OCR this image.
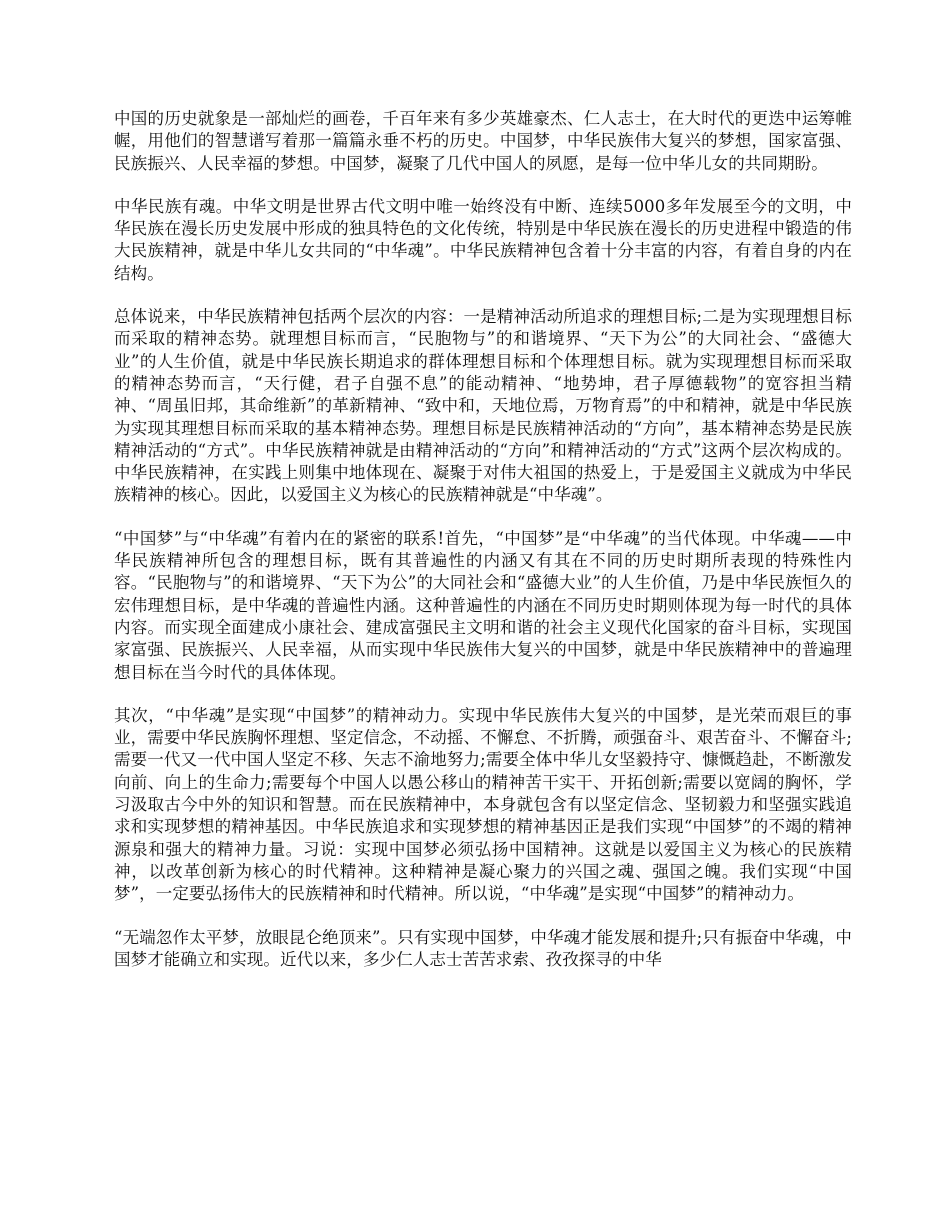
中国的历史就象是一部灿烂的画卷，千百年来有多少英雄豪杰、仁人志士，在大时代的更迭中运筹帷幄，用他们的智慧谱写着那一篇篇永垂不朽的历史。中国梦，中华民族伟大复兴的梦想，国家富强、民族振兴、人民幸福的梦想。中国梦，凝聚了几代中国人的夙愿，是每一位中华儿女的共同期盼。

中华民族有魂。中华文明是世界古代文明中唯一始终没有中断、连续5000多年发展至今的文明，中华民族在漫长历史发展中形成的独具特色的文化传统，特别是中华民族在漫长的历史进程中锻造的伟大民族精神，就是中华儿女共同的“中华魂”。中华民族精神包含着十分丰富的内容，有着自身的内在结构。

总体说来，中华民族精神包括两个层次的内容：一是精神活动所追求的理想目标;二是为实现理想目标而采取的精神态势。就理想目标而言，“民胞物与”的和谐境界、“天下为公”的大同社会、“盛德大业”的人生价值，就是中华民族长期追求的群体理想目标和个体理想目标。就为实现理想目标而采取的精神态势而言，“天行健，君子自强不息”的能动精神、“地势坤，君子厚德载物”的宽容担当精神、“周虽旧邦，其命维新”的革新精神、“致中和，天地位焉，万物育焉”的中和精神，就是中华民族为实现其理想目标而采取的基本精神态势。理想目标是民族精神活动的“方向”，基本精神态势是民族精神活动的“方式”。中华民族精神就是由精神活动的“方向”和精神活动的“方式”这两个层次构成的。中华民族精神，在实践上则集中地体现在、凝聚于对伟大祖国的热爱上，于是爱国主义就成为中华民族精神的核心。因此，以爱国主义为核心的民族精神就是“中华魂”。

“中国梦”与“中华魂”有着内在的紧密的联系!首先，“中国梦”是“中华魂”的当代体现。中华魂——中华民族精神所包含的理想目标，既有其普遍性的内涵又有其在不同的历史时期所表现的特殊性内容。“民胞物与”的和谐境界、“天下为公”的大同社会和“盛德大业”的人生价值，乃是中华民族恒久的宏伟理想目标，是中华魂的普遍性内涵。这种普遍性的内涵在不同历史时期则体现为每一时代的具体内容。而实现全面建成小康社会、建成富强民主文明和谐的社会主义现代化国家的奋斗目标，实现国家富强、民族振兴、人民幸福，从而实现中华民族伟大复兴的中国梦，就是中华民族精神中的普遍理想目标在当今时代的具体体现。

其次，“中华魂”是实现“中国梦”的精神动力。实现中华民族伟大复兴的中国梦，是光荣而艰巨的事业，需要中华民族胸怀理想、坚定信念，不动摇、不懈怠、不折腾，顽强奋斗、艰苦奋斗、不懈奋斗;需要一代又一代中国人坚定不移、矢志不渝地努力;需要全体中华儿女坚毅持守、慷慨趋赴，不断激发向前、向上的生命力;需要每个中国人以愚公移山的精神苦干实干、开拓创新;需要以宽阔的胸怀，学习汲取古今中外的知识和智慧。而在民族精神中，本身就包含有以坚定信念、坚韧毅力和坚强实践追求和实现梦想的精神基因。中华民族追求和实现梦想的精神基因正是我们实现“中国梦”的不竭的精神源泉和强大的精神力量。习说：实现中国梦必须弘扬中国精神。这就是以爱国主义为核心的民族精神，以改革创新为核心的时代精神。这种精神是凝心聚力的兴国之魂、强国之魄。我们实现“中国梦”，一定要弘扬伟大的民族精神和时代精神。所以说，“中华魂”是实现“中国梦”的精神动力。

“无端忽作太平梦，放眼昆仑绝顶来”。只有实现中国梦，中华魂才能发展和提升;只有振奋中华魂，中国梦才能确立和实现。近代以来，多少仁人志士苦苦求索、孜孜探寻的中华
